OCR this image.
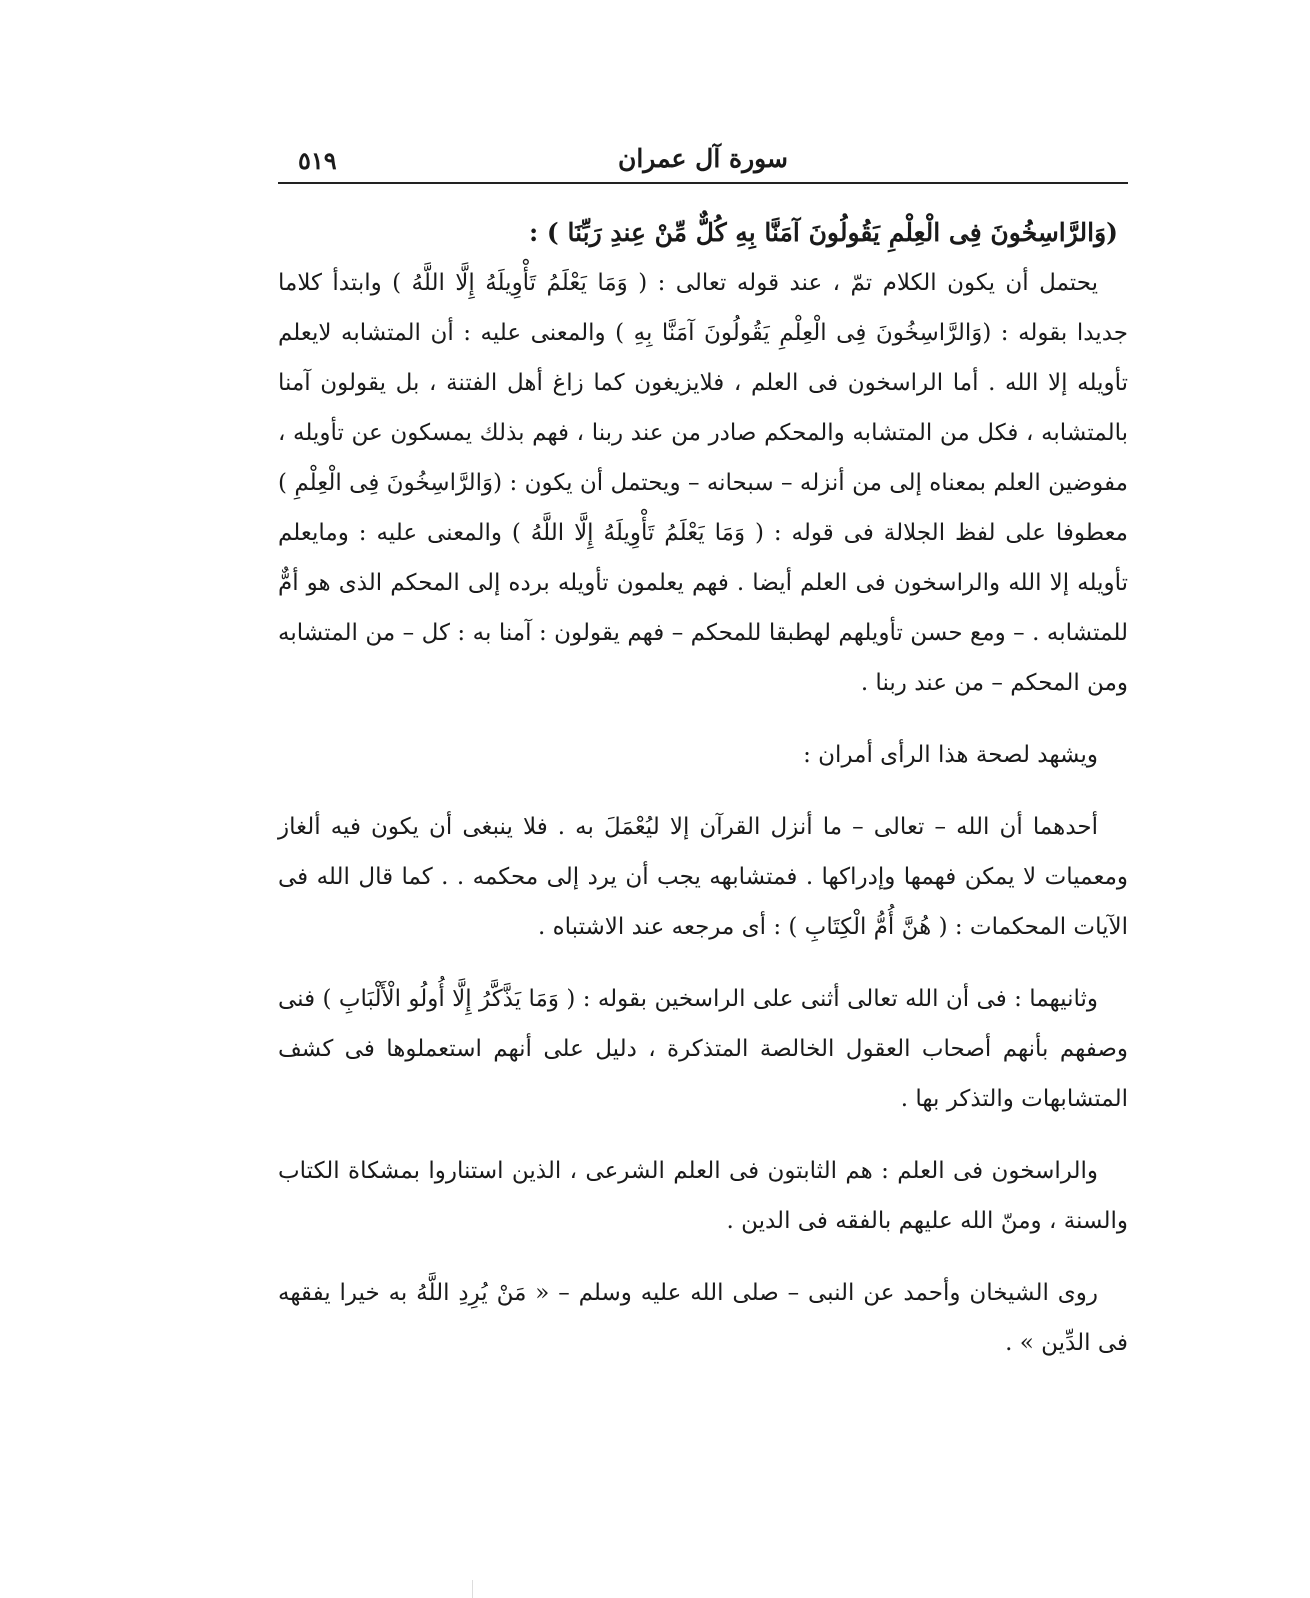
سورة آل عمران
٥١٩

(وَالرَّاسِخُونَ فِى الْعِلْمِ يَقُولُونَ آمَنَّا بِهِ كُلٌّ مِّنْ عِندِ رَبِّنَا ) :

يحتمل أن يكون الكلام تمّ ، عند قوله تعالى : ( وَمَا يَعْلَمُ تَأْوِيلَهُ إِلَّا اللَّهُ ) وابتدأ كلاما جديدا بقوله : (وَالرَّاسِخُونَ فِى الْعِلْمِ يَقُولُونَ آمَنَّا بِهِ ) والمعنى عليه : أن المتشابه لايعلم تأويله إلا الله . أما الراسخون فى العلم ، فلايزيغون كما زاغ أهل الفتنة ، بل يقولون آمنا بالمتشابه ، فكل من المتشابه والمحكم صادر من عند ربنا ، فهم بذلك يمسكون عن تأويله ، مفوضين العلم بمعناه إلى من أنزله – سبحانه – ويحتمل أن يكون : (وَالرَّاسِخُونَ فِى الْعِلْمِ ) معطوفا على لفظ الجلالة فى قوله : ( وَمَا يَعْلَمُ تَأْوِيلَهُ إِلَّا اللَّهُ ) والمعنى عليه : ومايعلم تأويله إلا الله والراسخون فى العلم أيضا . فهم يعلمون تأويله برده إلى المحكم الذى هو أمٌّ للمتشابه . – ومع حسن تأويلهم لهطبقا للمحكم – فهم يقولون : آمنا به : كل – من المتشابه ومن المحكم – من عند ربنا .

ويشهد لصحة هذا الرأى أمران :

أحدهما أن الله – تعالى – ما أنزل القرآن إلا ليُعْمَلَ به . فلا ينبغى أن يكون فيه ألغاز ومعميات لا يمكن فهمها وإدراكها . فمتشابهه يجب أن يرد إلى محكمه . . كما قال الله فى الآيات المحكمات : ( هُنَّ أُمُّ الْكِتَابِ ) : أى مرجعه عند الاشتباه .

وثانيهما : فى أن الله تعالى أثنى على الراسخين بقوله : ( وَمَا يَذَّكَّرُ إِلَّا أُولُو الْأَلْبَابِ ) فنى وصفهم بأنهم أصحاب العقول الخالصة المتذكرة ، دليل على أنهم استعملوها فى كشف المتشابهات والتذكر بها .

والراسخون فى العلم : هم الثابتون فى العلم الشرعى ، الذين استناروا بمشكاة الكتاب والسنة ، ومنّ الله عليهم بالفقه فى الدين .

روى الشيخان وأحمد عن النبى – صلى الله عليه وسلم – « مَنْ يُرِدِ اللَّهُ به خيرا يفقهه فى الدِّين » .
